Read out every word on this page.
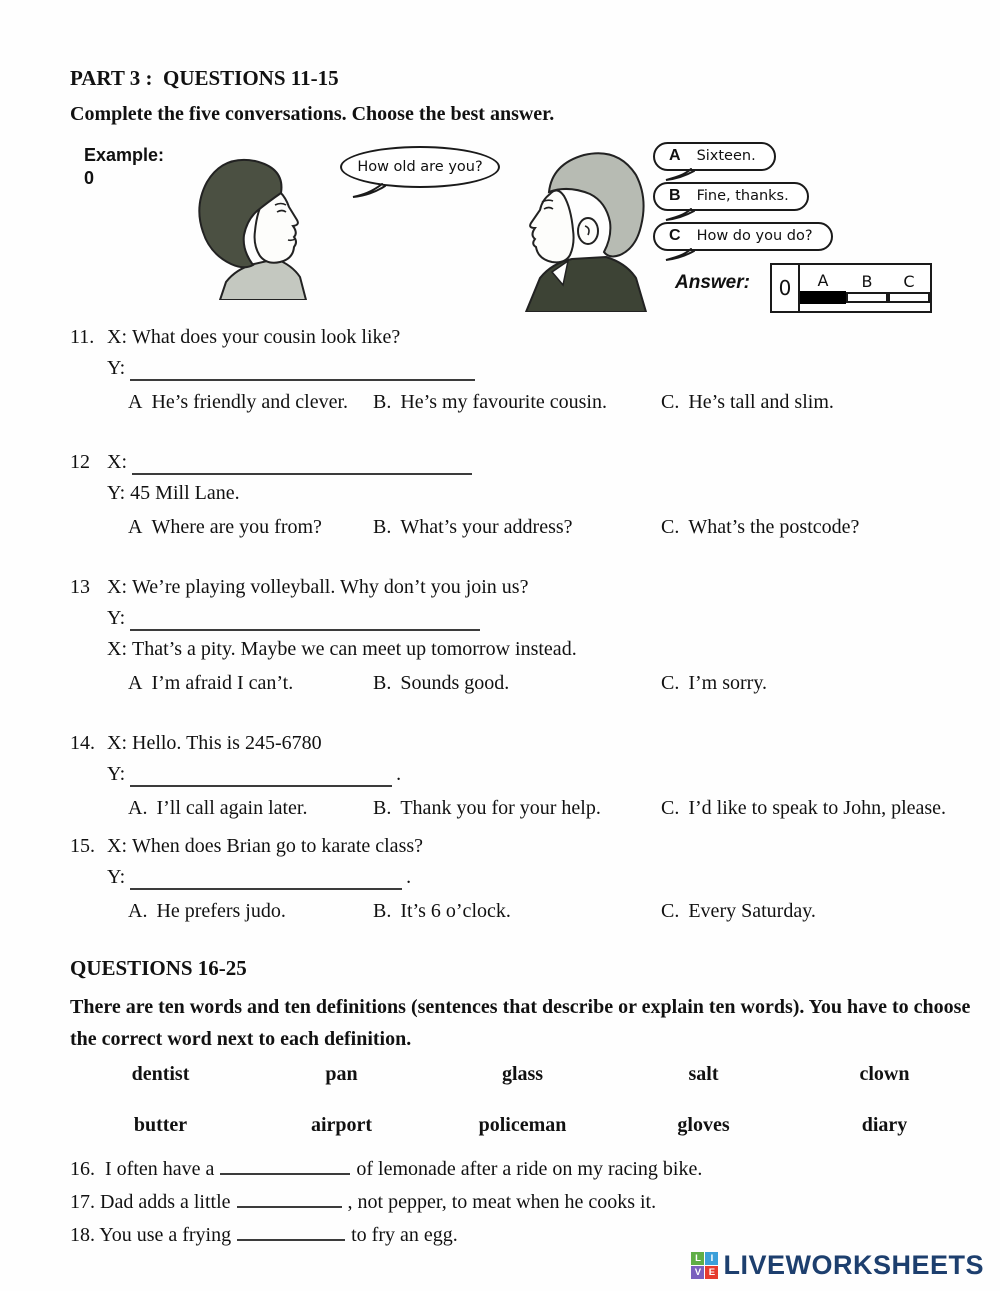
PART 3 :  QUESTIONS 11-15

Complete the five conversations. Choose the best answer.

Example:
0
How old are you?
A Sixteen.
B Fine, thanks.
C How do you do?
Answer:	0	A B C
11. X: What does your cousin look like?
Y:
A He’s friendly and clever.	B. He’s my favourite cousin.	C. He’s tall and slim.
12 X:
Y: 45 Mill Lane.
A Where are you from?	B. What’s your address?	C. What’s the postcode?
13 X: We’re playing volleyball. Why don’t you join us?
Y:
X: That’s a pity. Maybe we can meet up tomorrow instead.
A I’m afraid I can’t.	B. Sounds good.	C. I’m sorry.
14. X: Hello. This is 245-6780
Y:	.
A. I’ll call again later.	B. Thank you for your help.	C. I’d like to speak to John, please.
15. X: When does Brian go to karate class?
Y:	.
A. He prefers judo.	B. It’s 6 o’clock.	C. Every Saturday.
QUESTIONS 16-25

There are ten words and ten definitions (sentences that describe or explain ten words). You have to choose the correct word next to each definition.

dentist	pan	glass	salt	clown
butter	airport	policeman	gloves	diary
16.  I often have a	of lemonade after a ride on my racing bike.
17. Dad adds a little	, not pepper, to meat when he cooks it.
18. You use a frying	to fry an egg.
L	I
V E LIVEWORKSHEETS
